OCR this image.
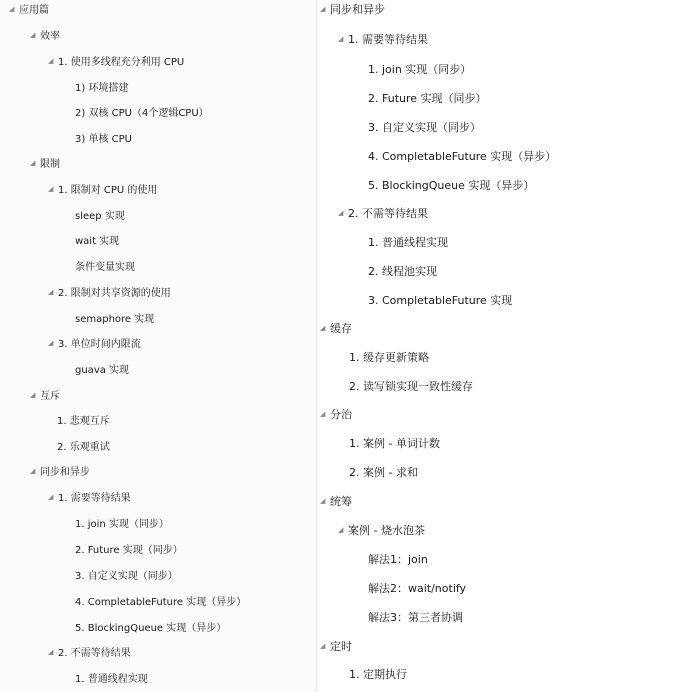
◢ 应用篇
◢ 效率
◢ 1. 使用多线程充分利用 CPU
1) 环境搭建
2) 双核 CPU（4个逻辑CPU）
3) 单核 CPU
◢ 限制
◢ 1. 限制对 CPU 的使用
sleep 实现
wait 实现
条件变量实现
◢ 2. 限制对共享资源的使用
semaphore 实现
◢ 3. 单位时间内限流
guava 实现
◢ 互斥
1. 悲观互斥
2. 乐观重试
◢ 同步和异步
◢ 1. 需要等待结果
1. join 实现（同步）
2. Future 实现（同步）
3. 自定义实现（同步）
4. CompletableFuture 实现（异步）
5. BlockingQueue 实现（异步）
◢ 2. 不需等待结果
1. 普通线程实现
◢ 同步和异步
◢ 1. 需要等待结果
1. join 实现（同步）
2. Future 实现（同步）
3. 自定义实现（同步）
4. CompletableFuture 实现（异步）
5. BlockingQueue 实现（异步）
◢ 2. 不需等待结果
1. 普通线程实现
2. 线程池实现
3. CompletableFuture 实现
◢ 缓存
1. 缓存更新策略
2. 读写锁实现一致性缓存
◢ 分治
1. 案例 - 单词计数
2. 案例 - 求和
◢ 统筹
◢ 案例 - 烧水泡茶
解法1：join
解法2：wait/notify
解法3：第三者协调
◢ 定时
1. 定期执行
